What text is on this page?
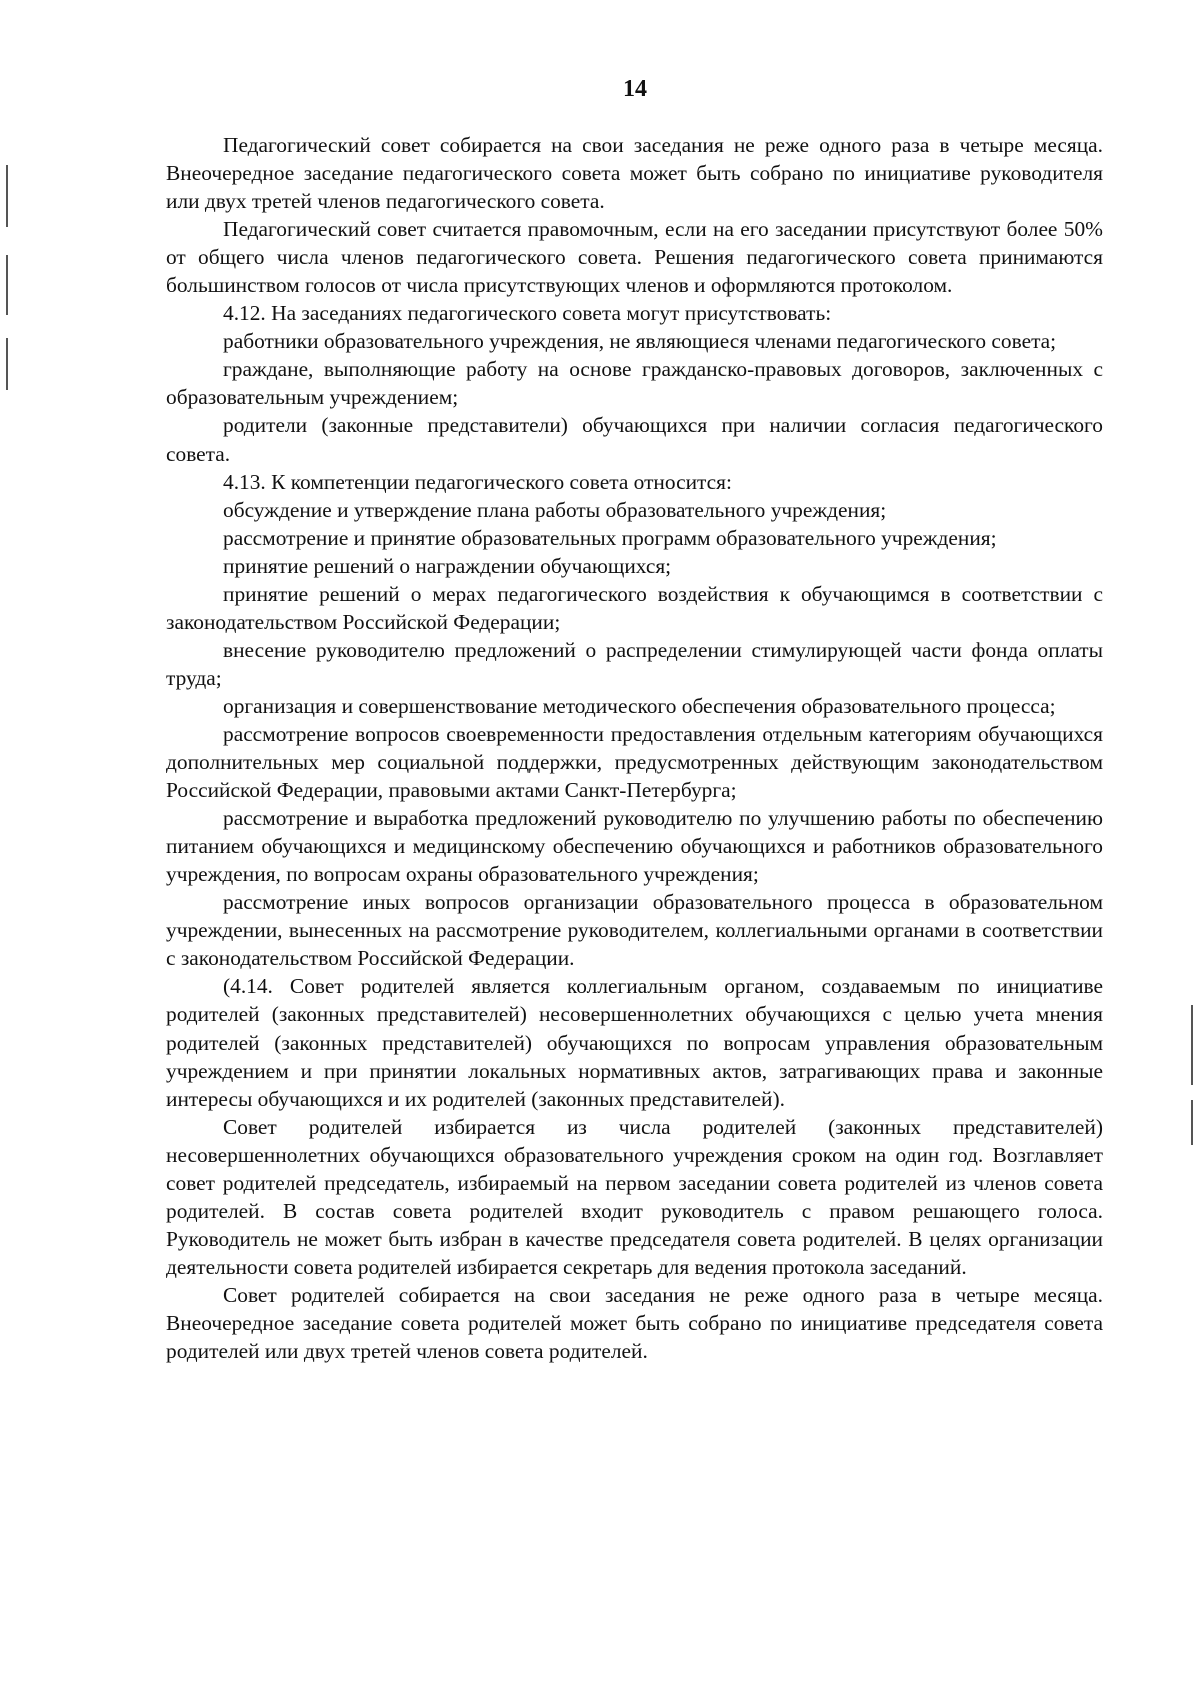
14

Педагогический совет собирается на свои заседания не реже одного раза в четыре месяца. Внеочередное заседание педагогического совета может быть собрано по инициативе руководителя или двух третей членов педагогического совета.

Педагогический совет считается правомочным, если на его заседании присутствуют более 50% от общего числа членов педагогического совета. Решения педагогического совета принимаются большинством голосов от числа присутствующих членов и оформляются протоколом.

4.12. На заседаниях педагогического совета могут присутствовать:

работники образовательного учреждения, не являющиеся членами педагогического совета;

граждане, выполняющие работу на основе гражданско-правовых договоров, заключенных с образовательным учреждением;

родители (законные представители) обучающихся при наличии согласия педагогического совета.

4.13. К компетенции педагогического совета относится:

обсуждение и утверждение плана работы образовательного учреждения;

рассмотрение и принятие образовательных программ образовательного учреждения;

принятие решений о награждении обучающихся;

принятие решений о мерах педагогического воздействия к обучающимся в соответствии с законодательством Российской Федерации;

внесение руководителю предложений о распределении стимулирующей части фонда оплаты труда;

организация и совершенствование методического обеспечения образовательного процесса;

рассмотрение вопросов своевременности предоставления отдельным категориям обучающихся дополнительных мер социальной поддержки, предусмотренных действующим законодательством Российской Федерации, правовыми актами Санкт-Петербурга;

рассмотрение и выработка предложений руководителю по улучшению работы по обеспечению питанием обучающихся и медицинскому обеспечению обучающихся и работников образовательного учреждения, по вопросам охраны образовательного учреждения;

рассмотрение иных вопросов организации образовательного процесса в образовательном учреждении, вынесенных на рассмотрение руководителем, коллегиальными органами в соответствии с законодательством Российской Федерации.

(4.14. Совет родителей является коллегиальным органом, создаваемым по инициативе родителей (законных представителей) несовершеннолетних обучающихся с целью учета мнения родителей (законных представителей) обучающихся по вопросам управления образовательным учреждением и при принятии локальных нормативных актов, затрагивающих права и законные интересы обучающихся и их родителей (законных представителей).

Совет родителей избирается из числа родителей (законных представителей) несовершеннолетних обучающихся образовательного учреждения сроком на один год. Возглавляет совет родителей председатель, избираемый на первом заседании совета родителей из членов совета родителей. В состав совета родителей входит руководитель с правом решающего голоса. Руководитель не может быть избран в качестве председателя совета родителей. В целях организации деятельности совета родителей избирается секретарь для ведения протокола заседаний.

Совет родителей собирается на свои заседания не реже одного раза в четыре месяца. Внеочередное заседание совета родителей может быть собрано по инициативе председателя совета родителей или двух третей членов совета родителей.
